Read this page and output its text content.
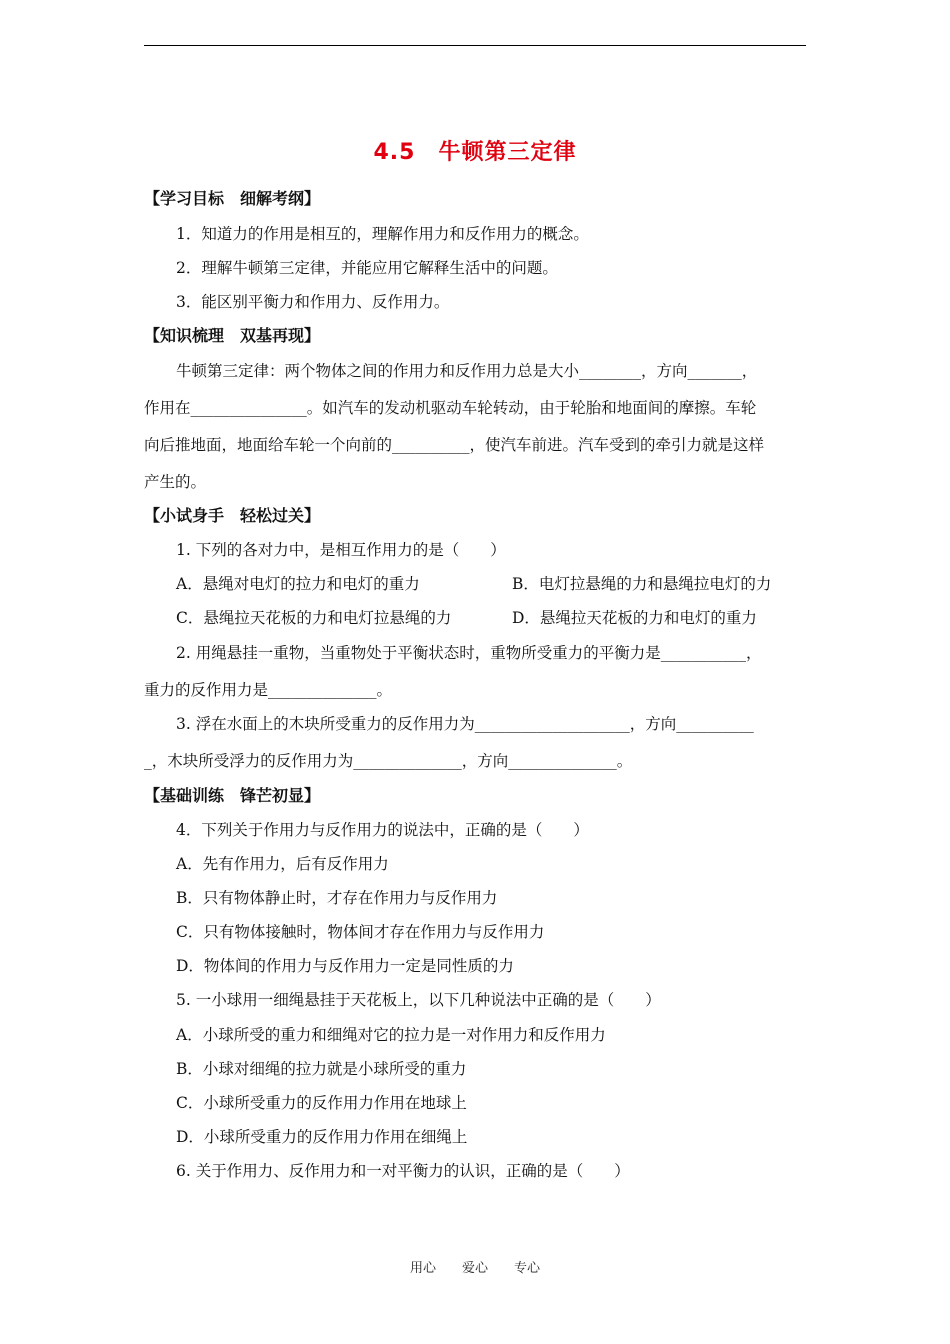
4.5　牛顿第三定律
【学习目标　细解考纲】
1．知道力的作用是相互的，理解作用力和反作用力的概念。
2．理解牛顿第三定律，并能应用它解释生活中的问题。
3．能区别平衡力和作用力、反作用力。
【知识梳理　双基再现】
牛顿第三定律：两个物体之间的作用力和反作用力总是大小________，方向_______，
作用在_______________。如汽车的发动机驱动车轮转动，由于轮胎和地面间的摩擦。车轮
向后推地面，地面给车轮一个向前的__________，使汽车前进。汽车受到的牵引力就是这样
产生的。
【小试身手　轻松过关】
1. 下列的各对力中，是相互作用力的是（　　）
A．悬绳对电灯的拉力和电灯的重力	B．电灯拉悬绳的力和悬绳拉电灯的力
C．悬绳拉天花板的力和电灯拉悬绳的力	D．悬绳拉天花板的力和电灯的重力
2. 用绳悬挂一重物，当重物处于平衡状态时，重物所受重力的平衡力是___________，
重力的反作用力是______________。
3. 浮在水面上的木块所受重力的反作用力为____________________，方向__________
_，木块所受浮力的反作用力为______________，方向______________。
【基础训练　锋芒初显】
4．下列关于作用力与反作用力的说法中，正确的是（　　）
A．先有作用力，后有反作用力
B．只有物体静止时，才存在作用力与反作用力
C．只有物体接触时，物体间才存在作用力与反作用力
D．物体间的作用力与反作用力一定是同性质的力
5. 一小球用一细绳悬挂于天花板上，以下几种说法中正确的是（　　）
A．小球所受的重力和细绳对它的拉力是一对作用力和反作用力
B．小球对细绳的拉力就是小球所受的重力
C．小球所受重力的反作用力作用在地球上
D．小球所受重力的反作用力作用在细绳上
6. 关于作用力、反作用力和一对平衡力的认识，正确的是（　　）
用心　　爱心　　专心
